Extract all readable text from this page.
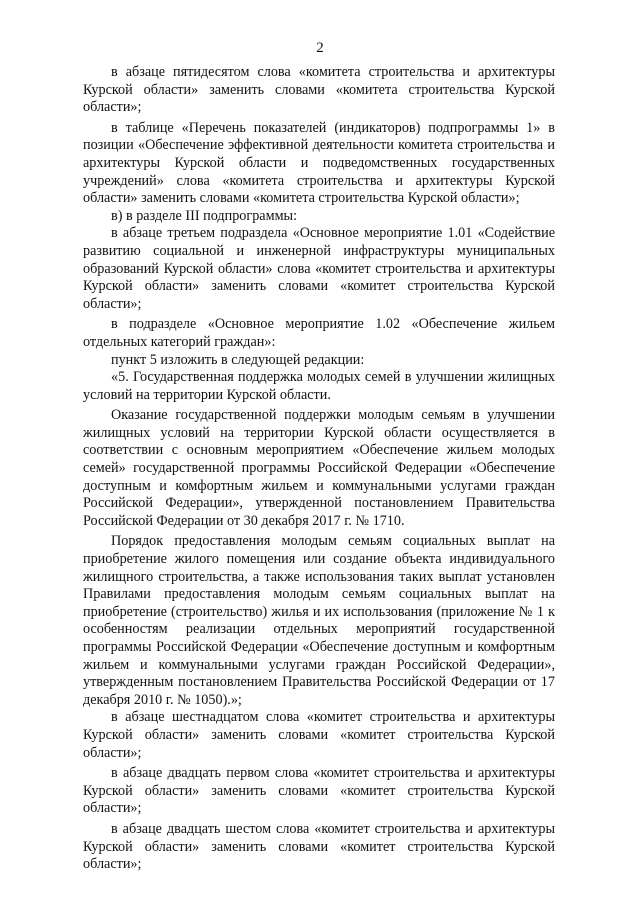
2

в абзаце пятидесятом слова «комитета строительства и архитектуры Курской области» заменить словами «комитета строительства Курской области»;

в таблице «Перечень показателей (индикаторов) подпрограммы 1» в позиции «Обеспечение эффективной деятельности комитета строительства и архитектуры Курской области и подведомственных государственных учреждений» слова «комитета строительства и архитектуры Курской области» заменить словами «комитета строительства Курской области»;

в) в разделе III подпрограммы:

в абзаце третьем подраздела «Основное мероприятие 1.01 «Содействие развитию социальной и инженерной инфраструктуры муниципальных образований Курской области» слова «комитет строительства и архитектуры Курской области» заменить словами «комитет строительства Курской области»;

в подразделе «Основное мероприятие 1.02 «Обеспечение жильем отдельных категорий граждан»:

пункт 5 изложить в следующей редакции:

«5. Государственная поддержка молодых семей в улучшении жилищных условий на территории Курской области.

Оказание государственной поддержки молодым семьям в улучшении жилищных условий на территории Курской области осуществляется в соответствии с основным мероприятием «Обеспечение жильем молодых семей» государственной программы Российской Федерации «Обеспечение доступным и комфортным жильем и коммунальными услугами граждан Российской Федерации», утвержденной постановлением Правительства Российской Федерации от 30 декабря 2017 г. № 1710.

Порядок предоставления молодым семьям социальных выплат на приобретение жилого помещения или создание объекта индивидуального жилищного строительства, а также использования таких выплат установлен Правилами предоставления молодым семьям социальных выплат на приобретение (строительство) жилья и их использования (приложение № 1 к особенностям реализации отдельных мероприятий государственной программы Российской Федерации «Обеспечение доступным и комфортным жильем и коммунальными услугами граждан Российской Федерации», утвержденным постановлением Правительства Российской Федерации от 17 декабря 2010 г. № 1050).»;

в абзаце шестнадцатом слова «комитет строительства и архитектуры Курской области» заменить словами «комитет строительства Курской области»;

в абзаце двадцать первом слова «комитет строительства и архитектуры Курской области» заменить словами «комитет строительства Курской области»;

в абзаце двадцать шестом слова «комитет строительства и архитектуры Курской области» заменить словами «комитет строительства Курской области»;
